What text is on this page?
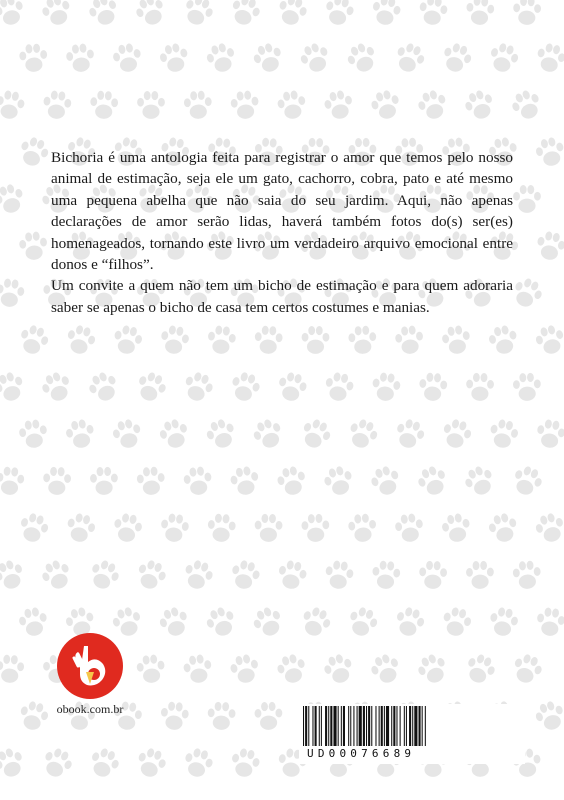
Bichoria é uma antologia feita para registrar o amor que temos pelo nosso animal de estimação, seja ele um gato, cachorro, cobra, pato e até mesmo uma pequena abelha que não saia do seu jardim. Aqui, não apenas declarações de amor serão lidas, haverá também fotos do(s) ser(es) homenageados, tornando este livro um verdadeiro arquivo emocional entre donos e “filhos”.

Um convite a quem não tem um bicho de estimação e para quem adoraria saber se apenas o bicho de casa tem certos costumes e manias.

obook.com.br
UD00076689
